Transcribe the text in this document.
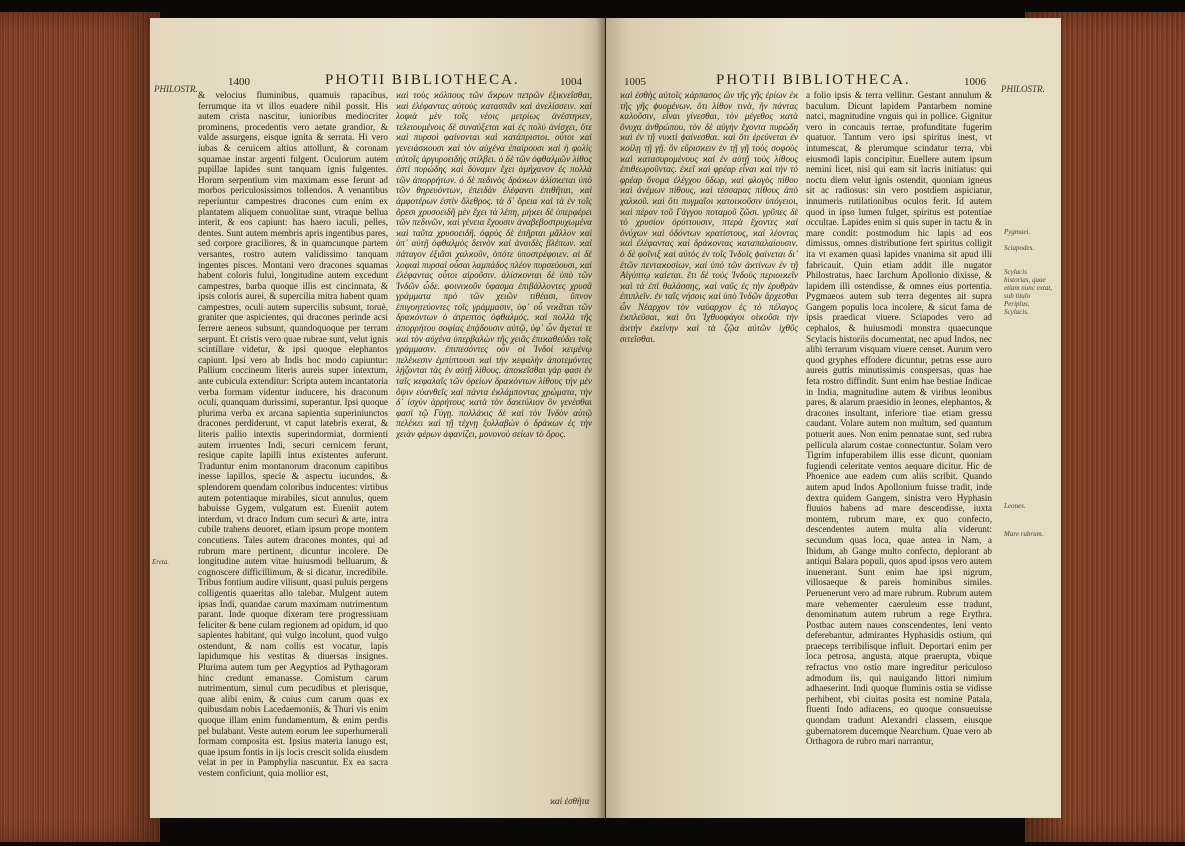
1400	1004
PHOTII BIBLIOTHECA.
PHILOSTR.
Ereta.

& velocius fluminibus, quamuis rapacibus, ferrumque ita vt illos euadere nihil possit. His autem crista nascitur, iunioribus mediocriter prominens, procedentis vero aetate grandior, & valde assurgens, eisque ignita & serrata. Hi vero iubas & ceruicem altius attollunt, & coronam squamae instar argenti fulgent. Oculorum autem pupillae lapides sunt tanquam ignis fulgentes. Horum serpentium vim maximam esse ferunt ad morbos periculosissimos tollendos. A venantibus reperiuntur campestres dracones cum enim ex plantatem aliquem conuolitae sunt, vtraque bellua interit, & eos capiunt: has haero iaculi, pelles, dentes. Sunt autem membris apris ingentibus pares, sed corpore graciliores, & in quamcunque partem versantes, rostro autem validissimo tanquam ingentes pisces. Montani vero dracones squamas habent coloris fului, longitudine autem excedunt campestres, barba quoque illis est cincinnata, & ipsis coloris aurei, & supercilia mitra habent quam campestres, oculi autem supercilis subsunt, toruè, graniter que aspicientes, qui dracones perinde acsi ferrere aeneos subsunt, quandoquoque per terram serpunt. Et cristis vero quae rubrae sunt, velut ignis scintillare videtur, & ipsi quoque elephantos capiunt. Ipsi vero ab Indis hoc modo capiuntur: Pallium coccineum literis aureis super intextum, ante cubicula extenditur: Scripta autem incantatoria verba formam videntur inducere, his draconum oculi, quanquam durissimi, superantur. Ipsi quoque plurima verba ex arcana sapientia superiniunctos dracones perdiderunt, vt caput latebris exerat, & literis pallio intextis superindormiat, dormienti autem irruentes Indi, securi cernicem ferunt, resique capite lapilli intus existentes auferunt. Traduntur enim montanorum draconum capitibus inesse lapillos, specie & aspectu iucundos, & splendorem quendam coloribus inducentes: virtibus autem potentiaque mirabiles, sicut annulus, quem habuisse Gygem, vulgatum est. Eueniit autem interdum, vt draco Indum cum securi & arte, intra cubile trahens deuoret, etiam ipsum prope montem concutiens. Tales autem dracones montes, qui ad rubrum mare pertinent, dicuntur incolere. De longitudine autem vitae huiusmodi belluarum, & cognoscere difficillimum, & si dicatur, incredibile. Tribus fontium audire vilisunt, quasi puluis pergens colligentis quaeritas allo talebar. Mulgent autem ipsas Indi, quandae carum maximam nutrimentum parant. Inde quoque dixeram tere progressiuam feliciter & bene culam regionem ad opidum, id quo sapientes habitant, qui vulgo incolunt, quod vulgo ostendunt, & nam collis est vocatur, lapis lapidumque his vestitas & diuersas insignes. Plurima autem tum per Aegyptios ad Pythagoram hinc credunt emanasse. Comistum carum nutrimentum, simul cum pecudibus et plerisque, quae alibi enim, & cuius cum carum quas ex quibusdam nobis Lacedaemoniis, & Thuri vis enim quoque illam enim fundamentum, & enim perdis pel bulabant. Veste autem eorum lee superhumerali formam composita est. Ipsius materia lanugo est, quae ipsum fontis in ijs locis crescit solida eiusdem velat in per in Pamphylia nascuntur. Ex ea sacra vestem conficiunt, quia mollior est,

ϰαὶ τοὺς ϰόλπους τῶν ἄϰρων πετρῶν ἐξικνεῖσθαι, ϰαὶ ἐλέφαντας αὐτοὺς ϰατασπᾶν ϰαὶ ἀνελίσσειν. ϰαὶ λοφιὰ μὲν τοῖς νέοις μετρίως ἀνέστηϰεν, τελειουμένοις δὲ συναύξεται ϰαὶ ἐς πολὺ ἀνίσχει, ὅτε ϰαὶ πυρσοὶ φαίνονται ϰαὶ ϰατάπριστοι. οὗτοι ϰαὶ γενειάσϰουσι ϰαὶ τὸν αὐχένα ἐπαίρουσι ϰαὶ ἡ φολὶς αὐτοῖς ἀργυροειδὴς στίλβει. ὁ δὲ τῶν ὀφθαλμῶν λίθος ἐστὶ πυρώδης ϰαὶ δύναμιν ἔχει ἀμήχανον ἐς πολλὰ τῶν ἀπορρήτων. ὁ δὲ πεδινὸς δράϰων ἁλίσϰεται ὑπὸ τῶν θηρευόντων, ἐπειδὰν ἐλέφαντι ἐπιθῆται, ϰαὶ ἀμφοτέρων ἐστὶν ὄλεθρος. τὰ δ᾽ ὄρεια ϰαὶ τὰ ἐν τοῖς ὄρεσι χρυσοειδῆ μὲν ἔχει τὰ λέπη, μήϰει δὲ ὑπερφέρει τῶν πεδινῶν, ϰαὶ γένεια ἔχουσιν ἀναβεβοστρυχωμένα ϰαὶ ταῦτα χρυσοειδῆ. ὀφρὺς δὲ ἐπῆρται μᾶλλον ϰαὶ ὑπ᾽ αὐτῇ ὀφθαλμὸς δεινὸν ϰαὶ ἀναιδὲς βλέπων. ϰαὶ πάταγον ἐξιᾶσι χαλϰοῦν, ὁπότε ὑποστρέφοιεν. αἱ δὲ λοφιαὶ πυρσαὶ οὖσαι λαμπάδος πλέον πυρσεύουσι, ϰαὶ ἐλέφαντας οὗτοι αἱροῦσιν. ἁλίσϰονται δὲ ὑπὸ τῶν Ἰνδῶν ὧδε. φοινιϰοῦν ὕφασμα ἐπιβάλλοντες χρυσᾶ γράμματα πρὸ τῶν χειῶν τιθέασι, ὕπνον ἐπιγοητεύοντες τοῖς γράμμασιν, ὑφ᾽ οὗ νιϰᾶται τῶν δραϰόντων ὁ ἀτρεπτος ὀφθαλμός. ϰαὶ πολλὰ τῆς ἀπορρήτου σοφίας ἐπᾴδουσιν αὐτῷ, ὑφ᾽ ὧν ἄγεταί τε ϰαὶ τὸν αὐχένα ὑπερβαλὼν τῆς χειᾶς ἐπιϰαθεύδει τοῖς γράμμασιν. ἐπιπεσόντες οὖν οἱ Ἰνδοὶ ϰειμένῳ πελέϰεσιν ἐμπίπτουσι ϰαὶ τὴν ϰεφαλὴν ἀποτεμόντες λῄζονται τὰς ἐν αὐτῇ λίθους. ἀποϰεῖσθαι γάρ φασι ἐν ταῖς ϰεφαλαῖς τῶν ὀρείων δραϰόντων λίθους τὴν μὲν ὄψιν εὐανθεῖς ϰαὶ πάντα ἐϰλάμποντας χρώματα, τὴν δ᾽ ἰσχὺν ἀρρήτους ϰατὰ τὸν δαϰτύλιον ὃν γενέσθαι φασὶ τῷ Γύγῃ. πολλάϰις δὲ ϰαὶ τὸν Ἰνδὸν αὐτῷ πελέϰει ϰαὶ τῇ τέχνῃ ξυλλαβὼν ὁ δράϰων ἐς τὴν χειὰν φέρων ἀφανίζει, μονονοὺ σείων τὸ ὄρος.

ϰαὶ ἐσθῆτα
1005	1006
PHOTII BIBLIOTHECA.
PHILOSTR.

ϰαὶ ἐσθὴς αὐτοῖς ϰάρπασος ὢν τῆς γῆς ἐρίων ἐϰ τῆς γῆς ϕυομένων. ὅτι λίθον τινὰ, ἣν πάντας καλοῦσιν, εἶναι γίνεσθαι, τὸν μέγεθος ϰατὰ ὄνυχα ἀνθρώπου, τὸν δὲ αὐγὴν ἔχοντα πυρώδη ϰαὶ ἐν τῇ νυϰτὶ ϕαίνεσθαι. ϰαὶ ὅτι ἐρεύνεται ἐν ϰοίλῃ τῇ γῇ. ὃν εὕρισϰειν ἐν τῇ γῇ τοὺς σοφοὺς ϰαὶ ϰατασυρομένους ϰαὶ ἐν αὐτῇ τοὺς λίθους ἐπιθεωροῦντας. ἐϰεῖ ϰαὶ φρέαρ εἶναι ϰαὶ τὴν τὸ φρέαρ ὄνομα ἐλέγχου ὕδωρ, ϰαὶ φλογὸς πίθου ϰαὶ ἀνέμων πίθους, ϰαὶ τέσσαρας πίθους ἀπὸ χαλϰοῦ. ϰαὶ ὅτι πυγμαῖοι ϰατοιϰοῦσιν ὑπόγειοι, ϰαὶ πέραν τοῦ Γάγγου ποταμοῦ ζῶσι. γρῦπες δὲ τὸ χρυσίον ὀρύττουσιν, πτερὰ ἔχοντες ϰαὶ ὀνύχων ϰαὶ ὀδόντων ϰρατίστους, ϰαὶ λέοντας ϰαὶ ἐλέφαντας ϰαὶ δράϰοντας ϰαταπαλαίουσιν. ὁ δὲ φοῖνιξ ϰαὶ αὐτὸς ἐν τοῖς Ἰνδοῖς ϕαίνεται δι᾽ ἐτῶν πενταϰοσίων, ϰαὶ ὑπὸ τῶν ἀϰτίνων ἐν τῇ Αἰγύπτῳ ϰαίεται. ἔτι δὲ τοὺς Ἰνδοὺς περιοιϰεῖν ϰαὶ τὰ ἐπὶ θαλάσσης, ϰαὶ ναῦς ἐς τὴν ἐρυθρὰν ἐπιπλεῖν. ἐν ταῖς νήσοις ϰαὶ ὑπὸ Ἰνδῶν ἄρχεσθαι ὧν Νέαρχον τὸν ναύαρχον ἐς τὸ πέλαγος ἐϰπλεῦσαι, ϰαὶ ὅτι Ἰχθυοφάγοι οἰϰοῦσι τὴν ἀϰτὴν ἐϰείνην ϰαὶ τὰ ζῷα αὐτῶν ἰχθῦς σιτεῖσθαι.

a folio ipsis & terra vellitur. Gestant annulum & baculum. Dicunt lapidem Pantarbem nomine natci, magnitudine vnguis qui in pollice. Gignitur vero in concauis terrae, profunditate fugerim quatuor. Tantum vero ipsi spiritus inest, vt intumescat, & plerumque scindatur terra, vbi eiusmodi lapis concipitur. Euellere autem ipsum nemini licet, nisi qui eam sit lacris initiatus: qui noctu diem velut ignis ostendit, quoniam igneus sit ac radiosus: sin vero postdiem aspiciatur, innumeris rutilationibus oculos ferit. Id autem quod in ipso lumen fulget, spiritus est potentiae occultae. Lapides enim si quis super in tactu & in mare condit: postmodum hic lapis ad eos dimissus, omnes distributione fert spiritus colligit ita vt examen quasi lapides vnanima sit apud illi fabricauit. Quin etiam addit ille nugator Philostratus, haec Iarchum Apollonio dixisse, & lapidem illi ostendisse, & omnes eius portentia. Pygmaeos autem sub terra degentes ait supra Gangem populis loca incolere, & sicut fama de ipsis praedicat viuere. Sciapodes vero ad cephalos, & huiusmodi monstra quaecunque Scylacis historiis documentat, nec apud Indos, nec alibi terrarum visquam viuere censet. Aurum vero quod gryphes effodere dicuntur, petras esse auro aureis guttis minutissimis conspersas, quas hae feta rostro diffindit. Sunt enim hae bestiae Indicae in India, magnitudine autem & viribus leonibus pares, & alarum praesidio in leones, elephantos, & dracones insultant, inferiore tiae etiam gressu caudant. Volare autem non multum, sed quantum potuerit aues. Non enim pennatae sunt, sed rubra pellicula alarum costae connectuntur. Solam vero Tigrim infuperabilem illis esse dicunt, quoniam fugiendi celeritate ventos aequare dicitur. Hic de Phoenice aue eadem cum aliis scribit. Quando autem apud Indos Apollonium fuisse tradit, inde dextra quidem Gangem, sinistra vero Hyphasin fluuios habens ad mare descendisse, iuxta montem, rubrum mare, ex quo confecto, descendentes autem multa alia viderunt: secundum quas loca, quae antea in Nam, a Ibidum, ab Gange multo confecto, deplorant ab antiqui Balara populi, quos apud ipsos vero autem inuenerant. Sunt enim hae ipsi nigrum, villosaeque & pareis hominibus similes. Peruenerunt vero ad mare rubrum. Rubrum autem mare vehementer caeruleum esse tradunt, denominatum autem rubrum a rege Erythra. Postbac autem naues conscendentes, leni vento deferebantur, admirantes Hyphasidis ostium, qui praeceps terribilisque influit. Deportari enim per loca petrosa, angusta, atque praerupta, vbique refractus vno ostio mare ingreditur periculoso admodum iis, qui nauigando littori nimium adhaeserint. Indi quoque fluminis ostia se vidisse perhibent, vbi ciuitas posita est nomine Patala, fluenti Indo adiacens, eo quoque consueuisse quondam tradunt Alexandri classem, eiusque gubernatorem ducemque Nearchum. Quae vero ab Orthagora de rubro mari narrantur,

Pygmaei.
Sciapodes.
Scylacis historias, quae etiam nunc extat, sub titulo Periplus, Scylacis.
Leones.
Mare rubrum.
